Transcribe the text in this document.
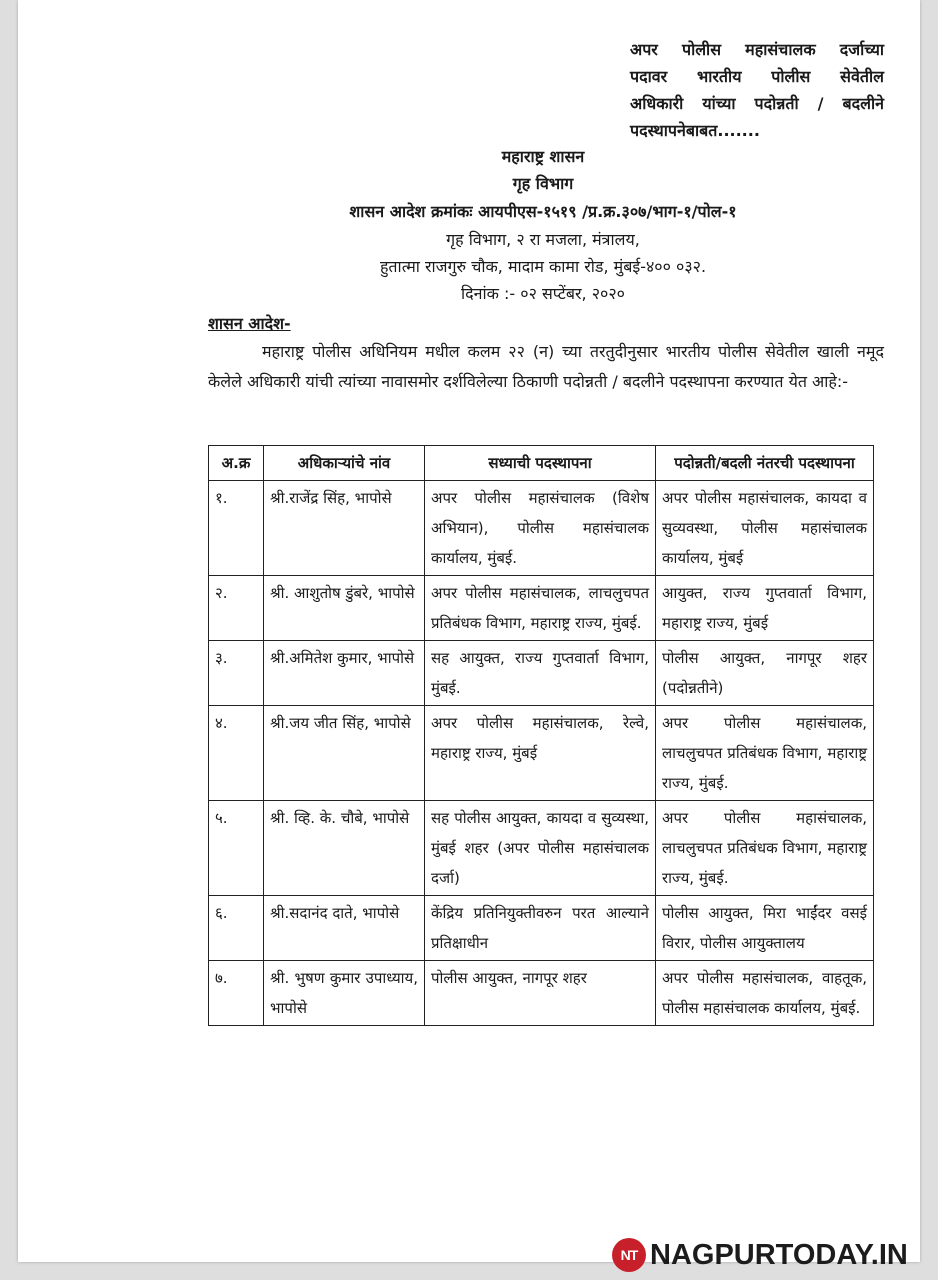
अपर पोलीस महासंचालक दर्जाच्या
पदावर भारतीय पोलीस सेवेतील
अधिकारी यांच्या पदोन्नती / बदलीने
पदस्थापनेबाबत.......
महाराष्ट्र शासन
गृह विभाग
शासन आदेश क्रमांकः आयपीएस-१५१९ /प्र.क्र.३०७/भाग-१/पोल-१
गृह विभाग, २ रा मजला, मंत्रालय,
हुतात्मा राजगुरु चौक, मादाम कामा रोड, मुंबई-४०० ०३२.
दिनांक :- ०२ सप्टेंबर, २०२०
शासन आदेश-
महाराष्ट्र पोलीस अधिनियम मधील कलम २२ (न) च्या तरतुदीनुसार भारतीय पोलीस सेवेतील खाली नमूद केलेले अधिकारी यांची त्यांच्या नावासमोर दर्शविलेल्या ठिकाणी पदोन्नती / बदलीने पदस्थापना करण्यात येत आहे:-
अ.क्र	अधिकाऱ्यांचे नांव	सध्याची पदस्थापना	पदोन्नती/बदली नंतरची पदस्थापना
१.	श्री.राजेंद्र सिंह, भापोसे	अपर पोलीस महासंचालक (विशेष अभियान), पोलीस महासंचालक कार्यालय, मुंबई.	अपर पोलीस महासंचालक, कायदा व सुव्यवस्था, पोलीस महासंचालक कार्यालय, मुंबई
२.	श्री. आशुतोष डुंबरे, भापोसे	अपर पोलीस महासंचालक, लाचलुचपत प्रतिबंधक विभाग, महाराष्ट्र राज्य, मुंबई.	आयुक्त, राज्य गुप्तवार्ता विभाग, महाराष्ट्र राज्य, मुंबई
३.	श्री.अमितेश कुमार, भापोसे	सह आयुक्त, राज्य गुप्तवार्ता विभाग, मुंबई.	पोलीस आयुक्त, नागपूर शहर (पदोन्नतीने)
४.	श्री.जय जीत सिंह, भापोसे	अपर पोलीस महासंचालक, रेल्वे, महाराष्ट्र राज्य, मुंबई	अपर पोलीस महासंचालक, लाचलुचपत प्रतिबंधक विभाग, महाराष्ट्र राज्य, मुंबई.
५.	श्री. व्हि. के. चौबे, भापोसे	सह पोलीस आयुक्त, कायदा व सुव्यस्था, मुंबई शहर (अपर पोलीस महासंचालक दर्जा)	अपर पोलीस महासंचालक, लाचलुचपत प्रतिबंधक विभाग, महाराष्ट्र राज्य, मुंबई.
६.	श्री.सदानंद दाते, भापोसे	केंद्रिय प्रतिनियुक्तीवरुन परत आल्याने प्रतिक्षाधीन	पोलीस आयुक्त, मिरा भाईंदर वसई विरार, पोलीस आयुक्तालय
७.	श्री. भुषण कुमार उपाध्याय, भापोसे	पोलीस आयुक्त, नागपूर शहर	अपर पोलीस महासंचालक, वाहतूक, पोलीस महासंचालक कार्यालय, मुंबई.
NT NAGPURTODAY.IN
